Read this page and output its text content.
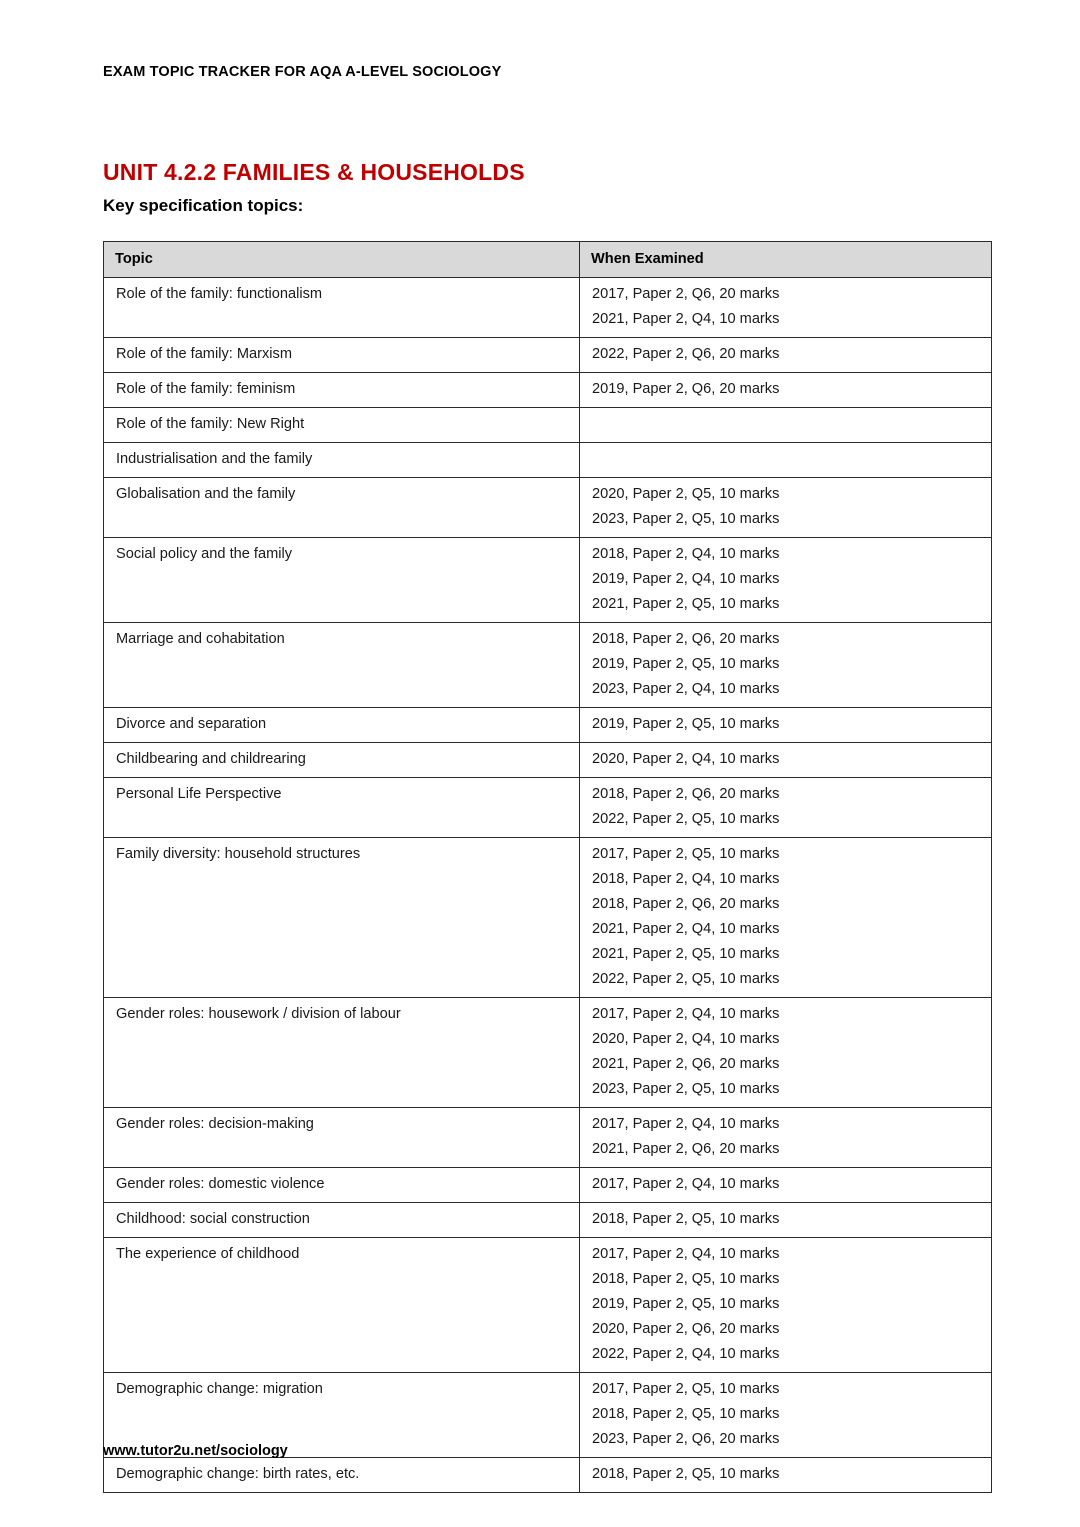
EXAM TOPIC TRACKER FOR AQA A-LEVEL SOCIOLOGY
UNIT 4.2.2 FAMILIES & HOUSEHOLDS
Key specification topics:
Topic	When Examined
Role of the family: functionalism	2017, Paper 2, Q6, 20 marks
2021, Paper 2, Q4, 10 marks

Role of the family: Marxism	2022, Paper 2, Q6, 20 marks

Role of the family: feminism	2019, Paper 2, Q6, 20 marks

Role of the family: New Right	
Industrialisation and the family	
Globalisation and the family	2020, Paper 2, Q5, 10 marks
2023, Paper 2, Q5, 10 marks

Social policy and the family	2018, Paper 2, Q4, 10 marks
2019, Paper 2, Q4, 10 marks
2021, Paper 2, Q5, 10 marks

Marriage and cohabitation	2018, Paper 2, Q6, 20 marks
2019, Paper 2, Q5, 10 marks
2023, Paper 2, Q4, 10 marks

Divorce and separation	2019, Paper 2, Q5, 10 marks

Childbearing and childrearing	2020, Paper 2, Q4, 10 marks

Personal Life Perspective	2018, Paper 2, Q6, 20 marks
2022, Paper 2, Q5, 10 marks

Family diversity: household structures	2017, Paper 2, Q5, 10 marks
2018, Paper 2, Q4, 10 marks
2018, Paper 2, Q6, 20 marks
2021, Paper 2, Q4, 10 marks
2021, Paper 2, Q5, 10 marks
2022, Paper 2, Q5, 10 marks

Gender roles: housework / division of labour	2017, Paper 2, Q4, 10 marks
2020, Paper 2, Q4, 10 marks
2021, Paper 2, Q6, 20 marks
2023, Paper 2, Q5, 10 marks

Gender roles: decision-making	2017, Paper 2, Q4, 10 marks
2021, Paper 2, Q6, 20 marks

Gender roles: domestic violence	2017, Paper 2, Q4, 10 marks

Childhood: social construction	2018, Paper 2, Q5, 10 marks

The experience of childhood	2017, Paper 2, Q4, 10 marks
2018, Paper 2, Q5, 10 marks
2019, Paper 2, Q5, 10 marks
2020, Paper 2, Q6, 20 marks
2022, Paper 2, Q4, 10 marks

Demographic change: migration	2017, Paper 2, Q5, 10 marks
2018, Paper 2, Q5, 10 marks
2023, Paper 2, Q6, 20 marks

Demographic change: birth rates, etc.	2018, Paper 2, Q5, 10 marks
www.tutor2u.net/sociology
